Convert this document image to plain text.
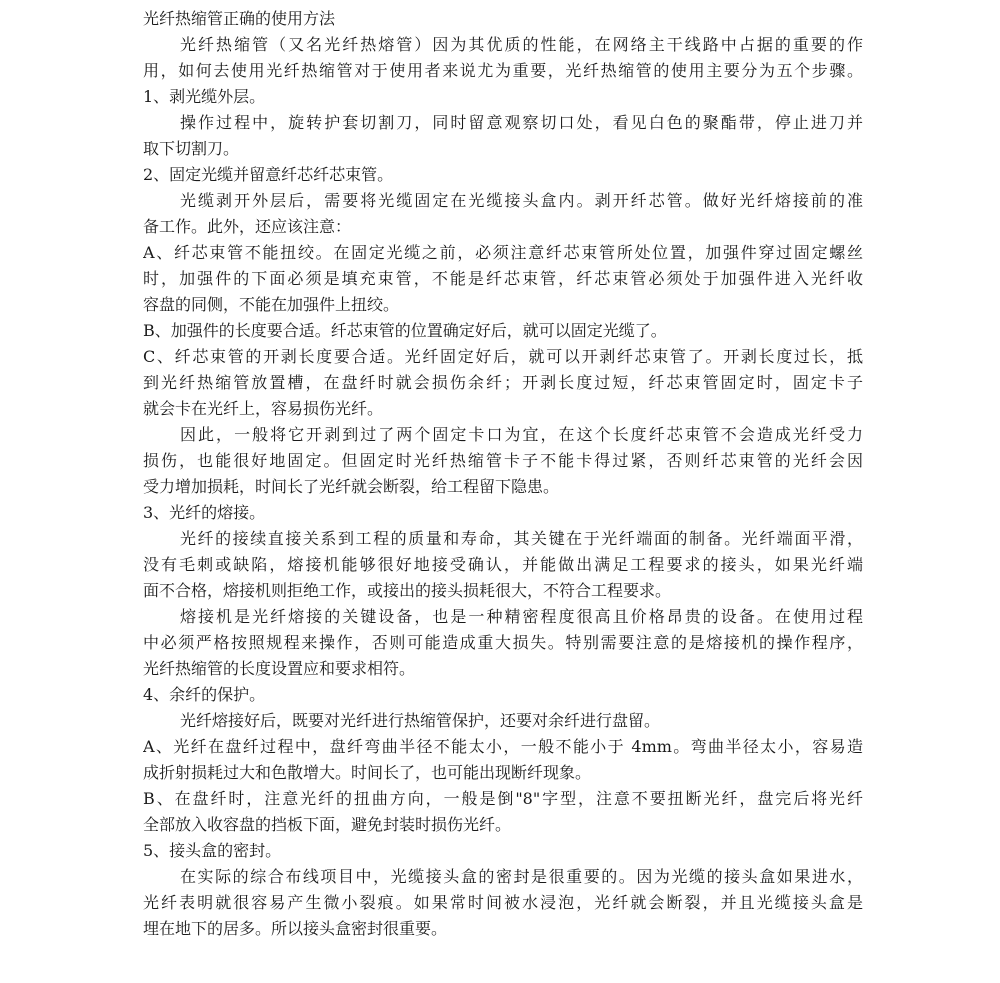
光纤热缩管正确的使用方法
光纤热缩管（又名光纤热熔管）因为其优质的性能，在网络主干线路中占据的重要的作
用，如何去使用光纤热缩管对于使用者来说尤为重要，光纤热缩管的使用主要分为五个步骤。
1、剥光缆外层。
操作过程中，旋转护套切割刀，同时留意观察切口处，看见白色的聚酯带，停止进刀并
取下切割刀。
2、固定光缆并留意纤芯纤芯束管。
光缆剥开外层后，需要将光缆固定在光缆接头盒内。剥开纤芯管。做好光纤熔接前的准
备工作。此外，还应该注意：
A、纤芯束管不能扭绞。在固定光缆之前，必须注意纤芯束管所处位置，加强件穿过固定螺丝
时，加强件的下面必须是填充束管，不能是纤芯束管，纤芯束管必须处于加强件进入光纤收
容盘的同侧，不能在加强件上扭绞。
B、加强件的长度要合适。纤芯束管的位置确定好后，就可以固定光缆了。
C、纤芯束管的开剥长度要合适。光纤固定好后，就可以开剥纤芯束管了。开剥长度过长，抵
到光纤热缩管放置槽，在盘纤时就会损伤余纤；开剥长度过短，纤芯束管固定时，固定卡子
就会卡在光纤上，容易损伤光纤。
因此，一般将它开剥到过了两个固定卡口为宜，在这个长度纤芯束管不会造成光纤受力
损伤，也能很好地固定。但固定时光纤热缩管卡子不能卡得过紧，否则纤芯束管的光纤会因
受力增加损耗，时间长了光纤就会断裂，给工程留下隐患。
3、光纤的熔接。
光纤的接续直接关系到工程的质量和寿命，其关键在于光纤端面的制备。光纤端面平滑，
没有毛刺或缺陷，熔接机能够很好地接受确认，并能做出满足工程要求的接头，如果光纤端
面不合格，熔接机则拒绝工作，或接出的接头损耗很大，不符合工程要求。
熔接机是光纤熔接的关键设备，也是一种精密程度很高且价格昂贵的设备。在使用过程
中必须严格按照规程来操作，否则可能造成重大损失。特别需要注意的是熔接机的操作程序，
光纤热缩管的长度设置应和要求相符。
4、余纤的保护。
光纤熔接好后，既要对光纤进行热缩管保护，还要对余纤进行盘留。
A、光纤在盘纤过程中，盘纤弯曲半径不能太小，一般不能小于 4mm。弯曲半径太小，容易造
成折射损耗过大和色散增大。时间长了，也可能出现断纤现象。
B、在盘纤时，注意光纤的扭曲方向，一般是倒"8"字型，注意不要扭断光纤，盘完后将光纤
全部放入收容盘的挡板下面，避免封装时损伤光纤。
5、接头盒的密封。
在实际的综合布线项目中，光缆接头盒的密封是很重要的。因为光缆的接头盒如果进水，
光纤表明就很容易产生微小裂痕。如果常时间被水浸泡，光纤就会断裂，并且光缆接头盒是
埋在地下的居多。所以接头盒密封很重要。
